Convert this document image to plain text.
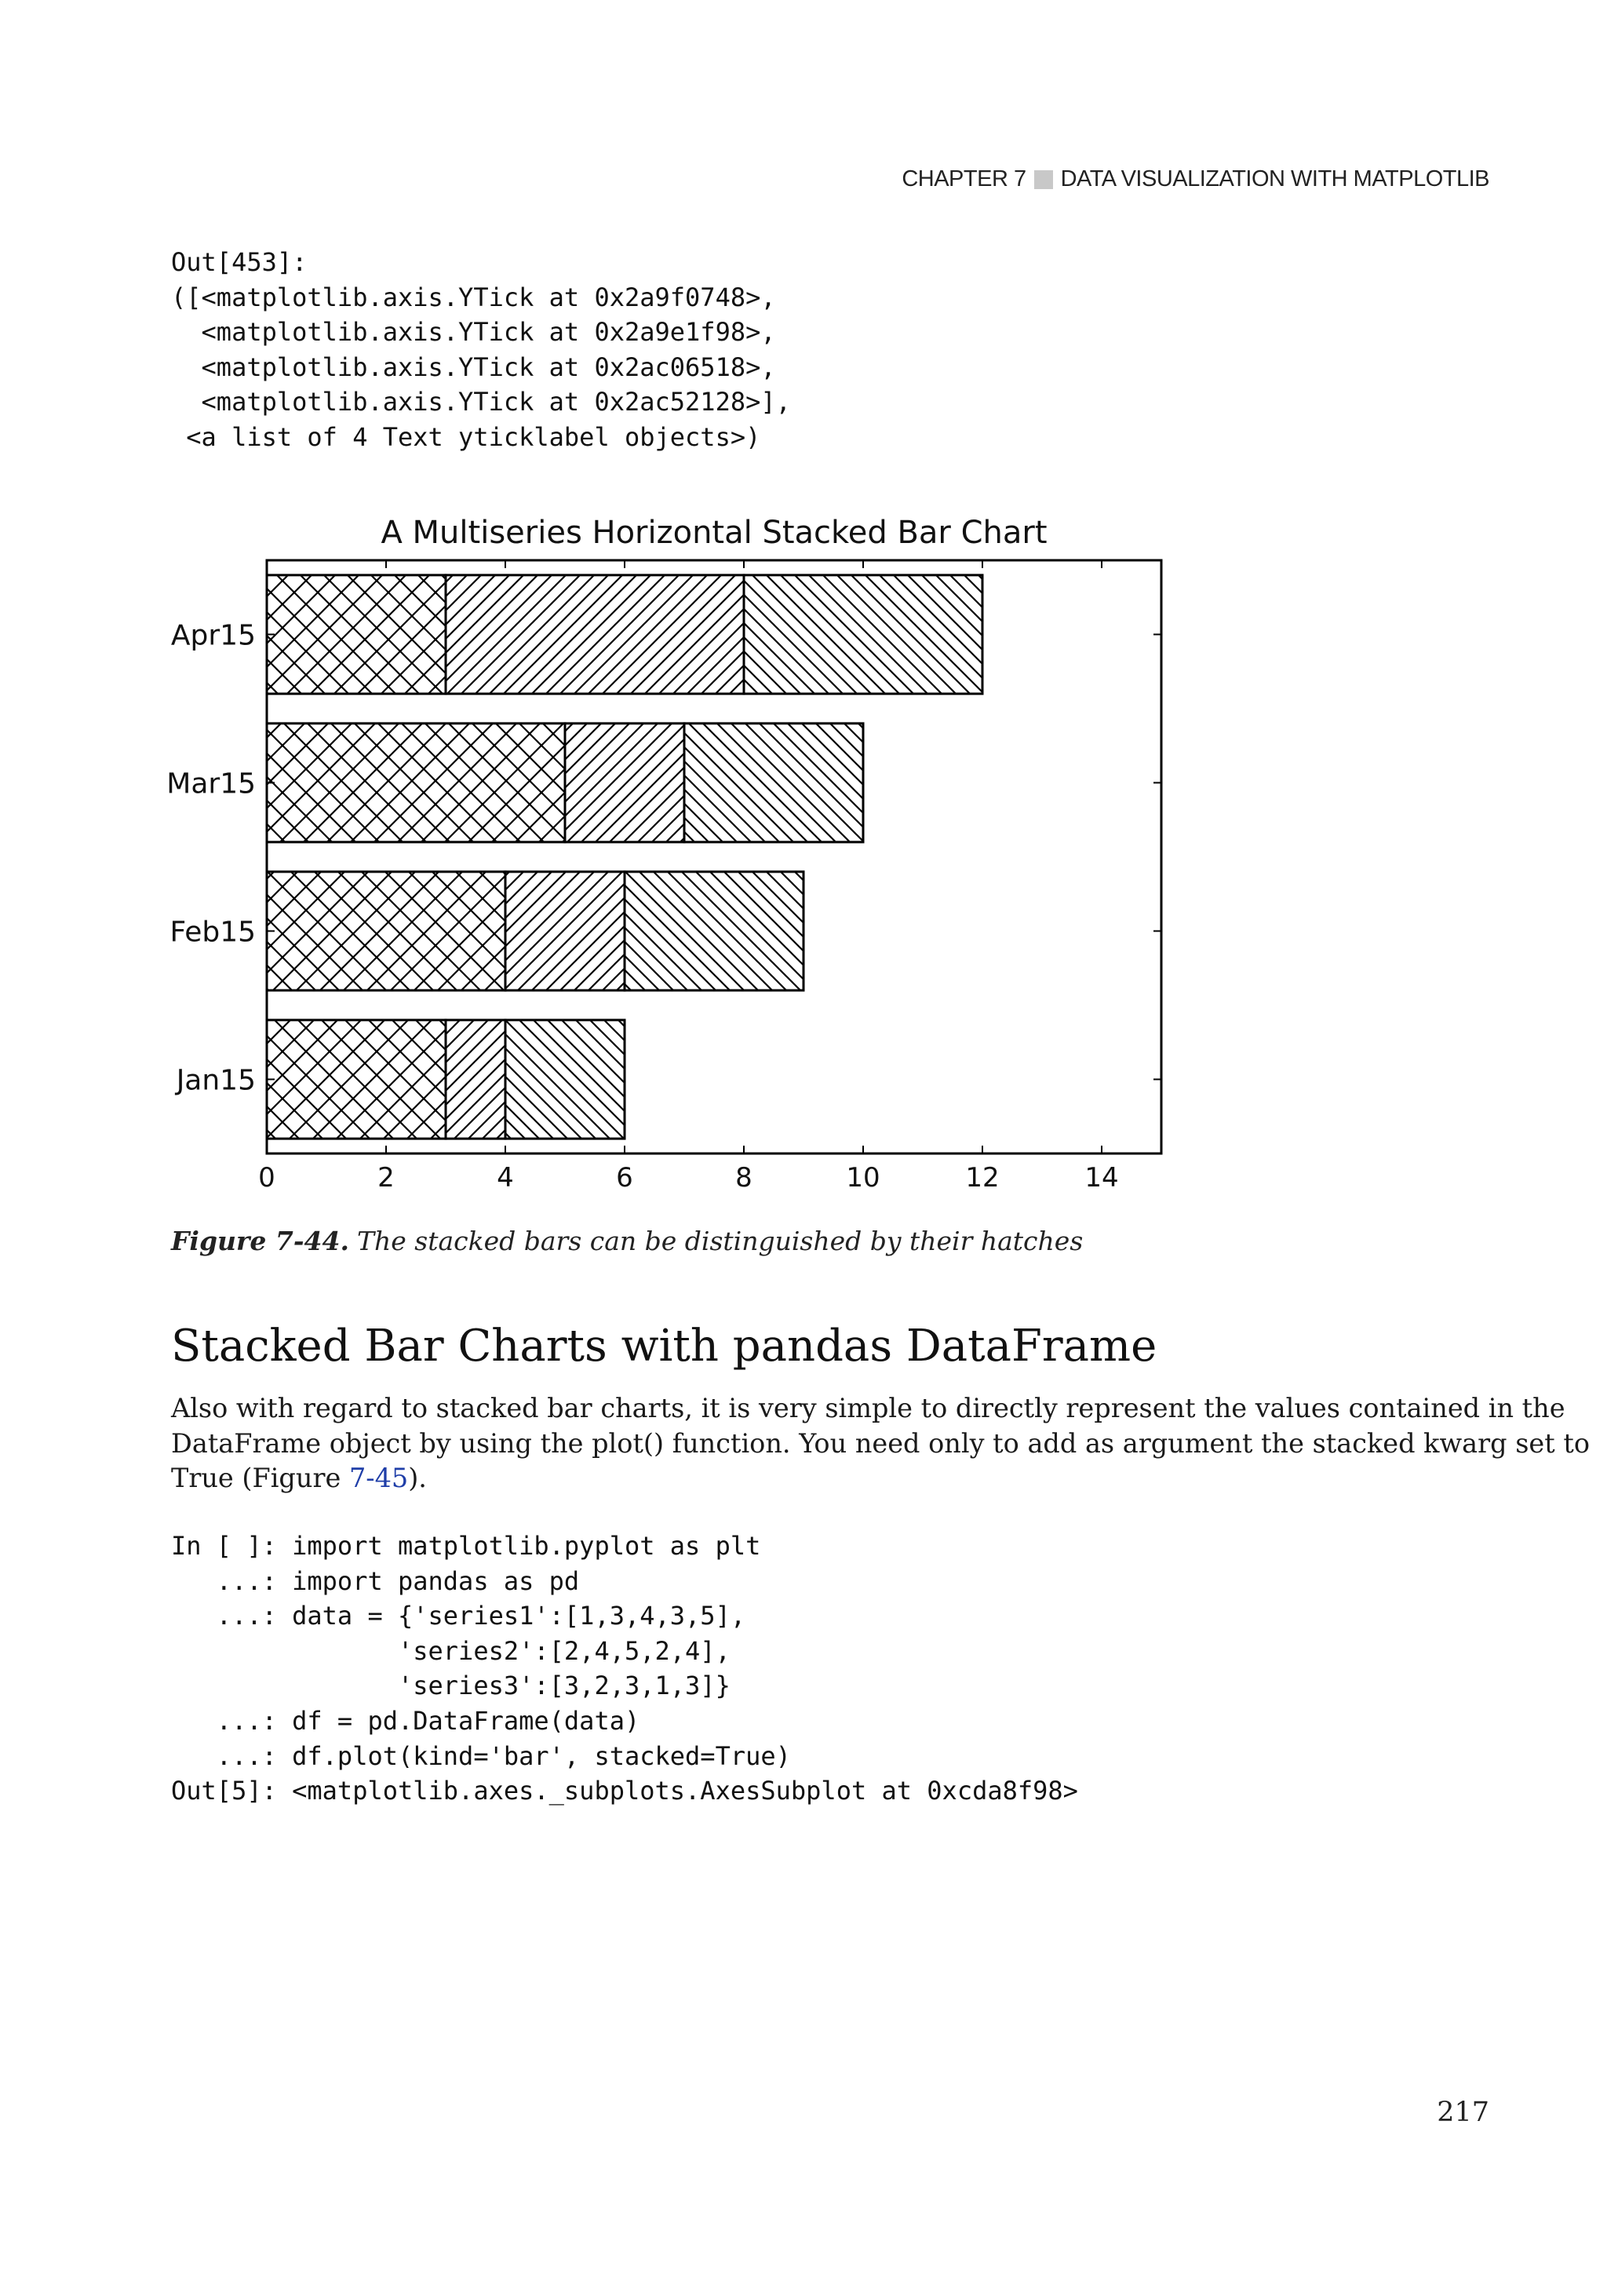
CHAPTER 7 DATA VISUALIZATION WITH MATPLOTLIB
Out[453]:
([<matplotlib.axis.YTick at 0x2a9f0748>,
<matplotlib.axis.YTick at 0x2a9e1f98>,
<matplotlib.axis.YTick at 0x2ac06518>,
<matplotlib.axis.YTick at 0x2ac52128>],
<a list of 4 Text yticklabel objects>)
A Multiseries Horizontal Stacked Bar Chart
Jan15
Feb15
Mar15
Apr15
0	2	4	6	8	10	12	14
Figure 7-44. The stacked bars can be distinguished by their hatches
Stacked Bar Charts with pandas DataFrame

Also with regard to stacked bar charts, it is very simple to directly represent the values contained in the
DataFrame object by using the plot() function. You need only to add as argument the stacked kwarg set to
True (Figure 7-45).

In [ ]: import matplotlib.pyplot as plt
...: import pandas as pd
...: data = {'series1':[1,3,4,3,5],
'series2':[2,4,5,2,4],
'series3':[3,2,3,1,3]}
...: df = pd.DataFrame(data)
...: df.plot(kind='bar', stacked=True)
Out[5]: <matplotlib.axes._subplots.AxesSubplot at 0xcda8f98>
217
